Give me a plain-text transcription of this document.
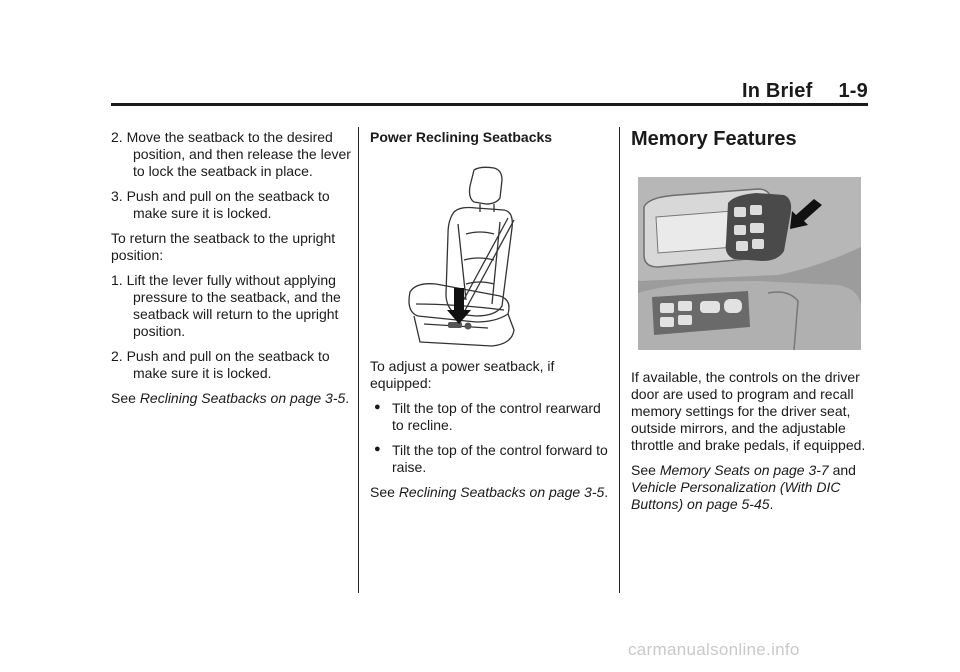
In Brief 1-9
2. Move the seatback to the desired position, and then release the lever to lock the seatback in place.
3. Push and pull on the seatback to make sure it is locked.

To return the seatback to the upright position:

1. Lift the lever fully without applying pressure to the seatback, and the seatback will return to the upright position.
2. Push and pull on the seatback to make sure it is locked.

See Reclining Seatbacks on page 3-5.

Power Reclining Seatbacks

To adjust a power seatback, if equipped:

● Tilt the top of the control rearward to recline.
● Tilt the top of the control forward to raise.

See Reclining Seatbacks on page 3-5.

Memory Features

If available, the controls on the driver door are used to program and recall memory settings for the driver seat, outside mirrors, and the adjustable throttle and brake pedals, if equipped.

See Memory Seats on page 3-7 and Vehicle Personalization (With DIC Buttons) on page 5-45.

carmanualsonline.info
